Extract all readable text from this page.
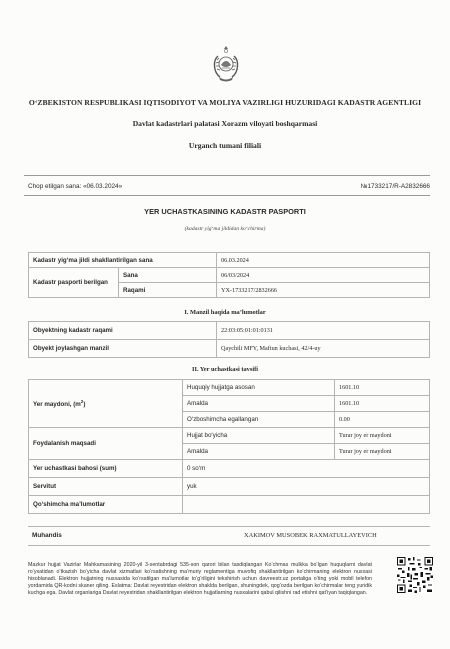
O‘ZBEKISTON RESPUBLIKASI IQTISODIYOT VA MOLIYA VAZIRLIGI HUZURIDAGI KADASTR AGENTLIGI
Davlat kadastrlari palatasi Xorazm viloyati boshqarmasi
Urganch tumani filiali
Chop etilgan sana: «06.03.2024»	№1733217/R-A2832666
YER UCHASTKASINING KADASTR PASPORTI
(kadastr yig‘ma jildidan ko‘chirma)
Kadastr yig‘ma jildi shakllantirilgan sana		06.03.2024
Kadastr pasporti berilgan	Sana	06/03/2024
	Raqami	YX-1733217/2832666
I. Manzil haqida ma’lumotlar
Obyektning kadastr raqami	22:03:05:01:01:0131
Obyekt joylashgan manzil	Qaychili MFY, Maftun kuchasi, 42/4-uy
II. Yer uchastkasi tavsifi
Yer maydoni, $(m^2)$	Huquqiy hujjatga asosan	1601.10
	Amalda	1601.10
	O‘zboshimcha egallangan	0.00
Foydalanish maqsadi	Hujjat bo‘yicha	Turar joy er maydoni
	Amalda	Turar joy er maydoni
Yer uchastkasi bahosi (sum)	0 so‘m	
Servitut	yuk	
Qo‘shimcha ma’lumotlar		
Muhandis	XAKIMOV MUSOBEK RAXMATULLAYEVICH
Mazkur hujjat Vazirlar Mahkamasining 2020-yil 3-sentabrdagi 535-son qarori bilan tasdiqlangan Ko‘chmas mulkka bo‘lgan huquqlarni davlat ro‘yxatidan o‘tkazish bo‘yicha davlat xizmatlari ko‘rsatishning ma’muriy reglamentiga muvofiq shakllantirilgan ko‘chirmaning elektron nusxasi hisoblanadi. Elektron hujjatning nusxasida ko‘rsatilgan ma’lumotlar to‘g‘riligini tekshirish uchun davreestr.uz portaliga o‘ting yoki mobil telefon yordamida QR-kodni skaner qiling. Eslatma: Davlat reyestridan elektron shaklda berilgan, shuningdek, qog‘ozda berilgan ko‘chirmalar teng yuridik kuchga ega. Davlat organlariga Davlat reyestridan shakllantirilgan elektron hujjatlarning nusxalarini qabul qilishni rad etishni qat’iyan taqiqlangan.
